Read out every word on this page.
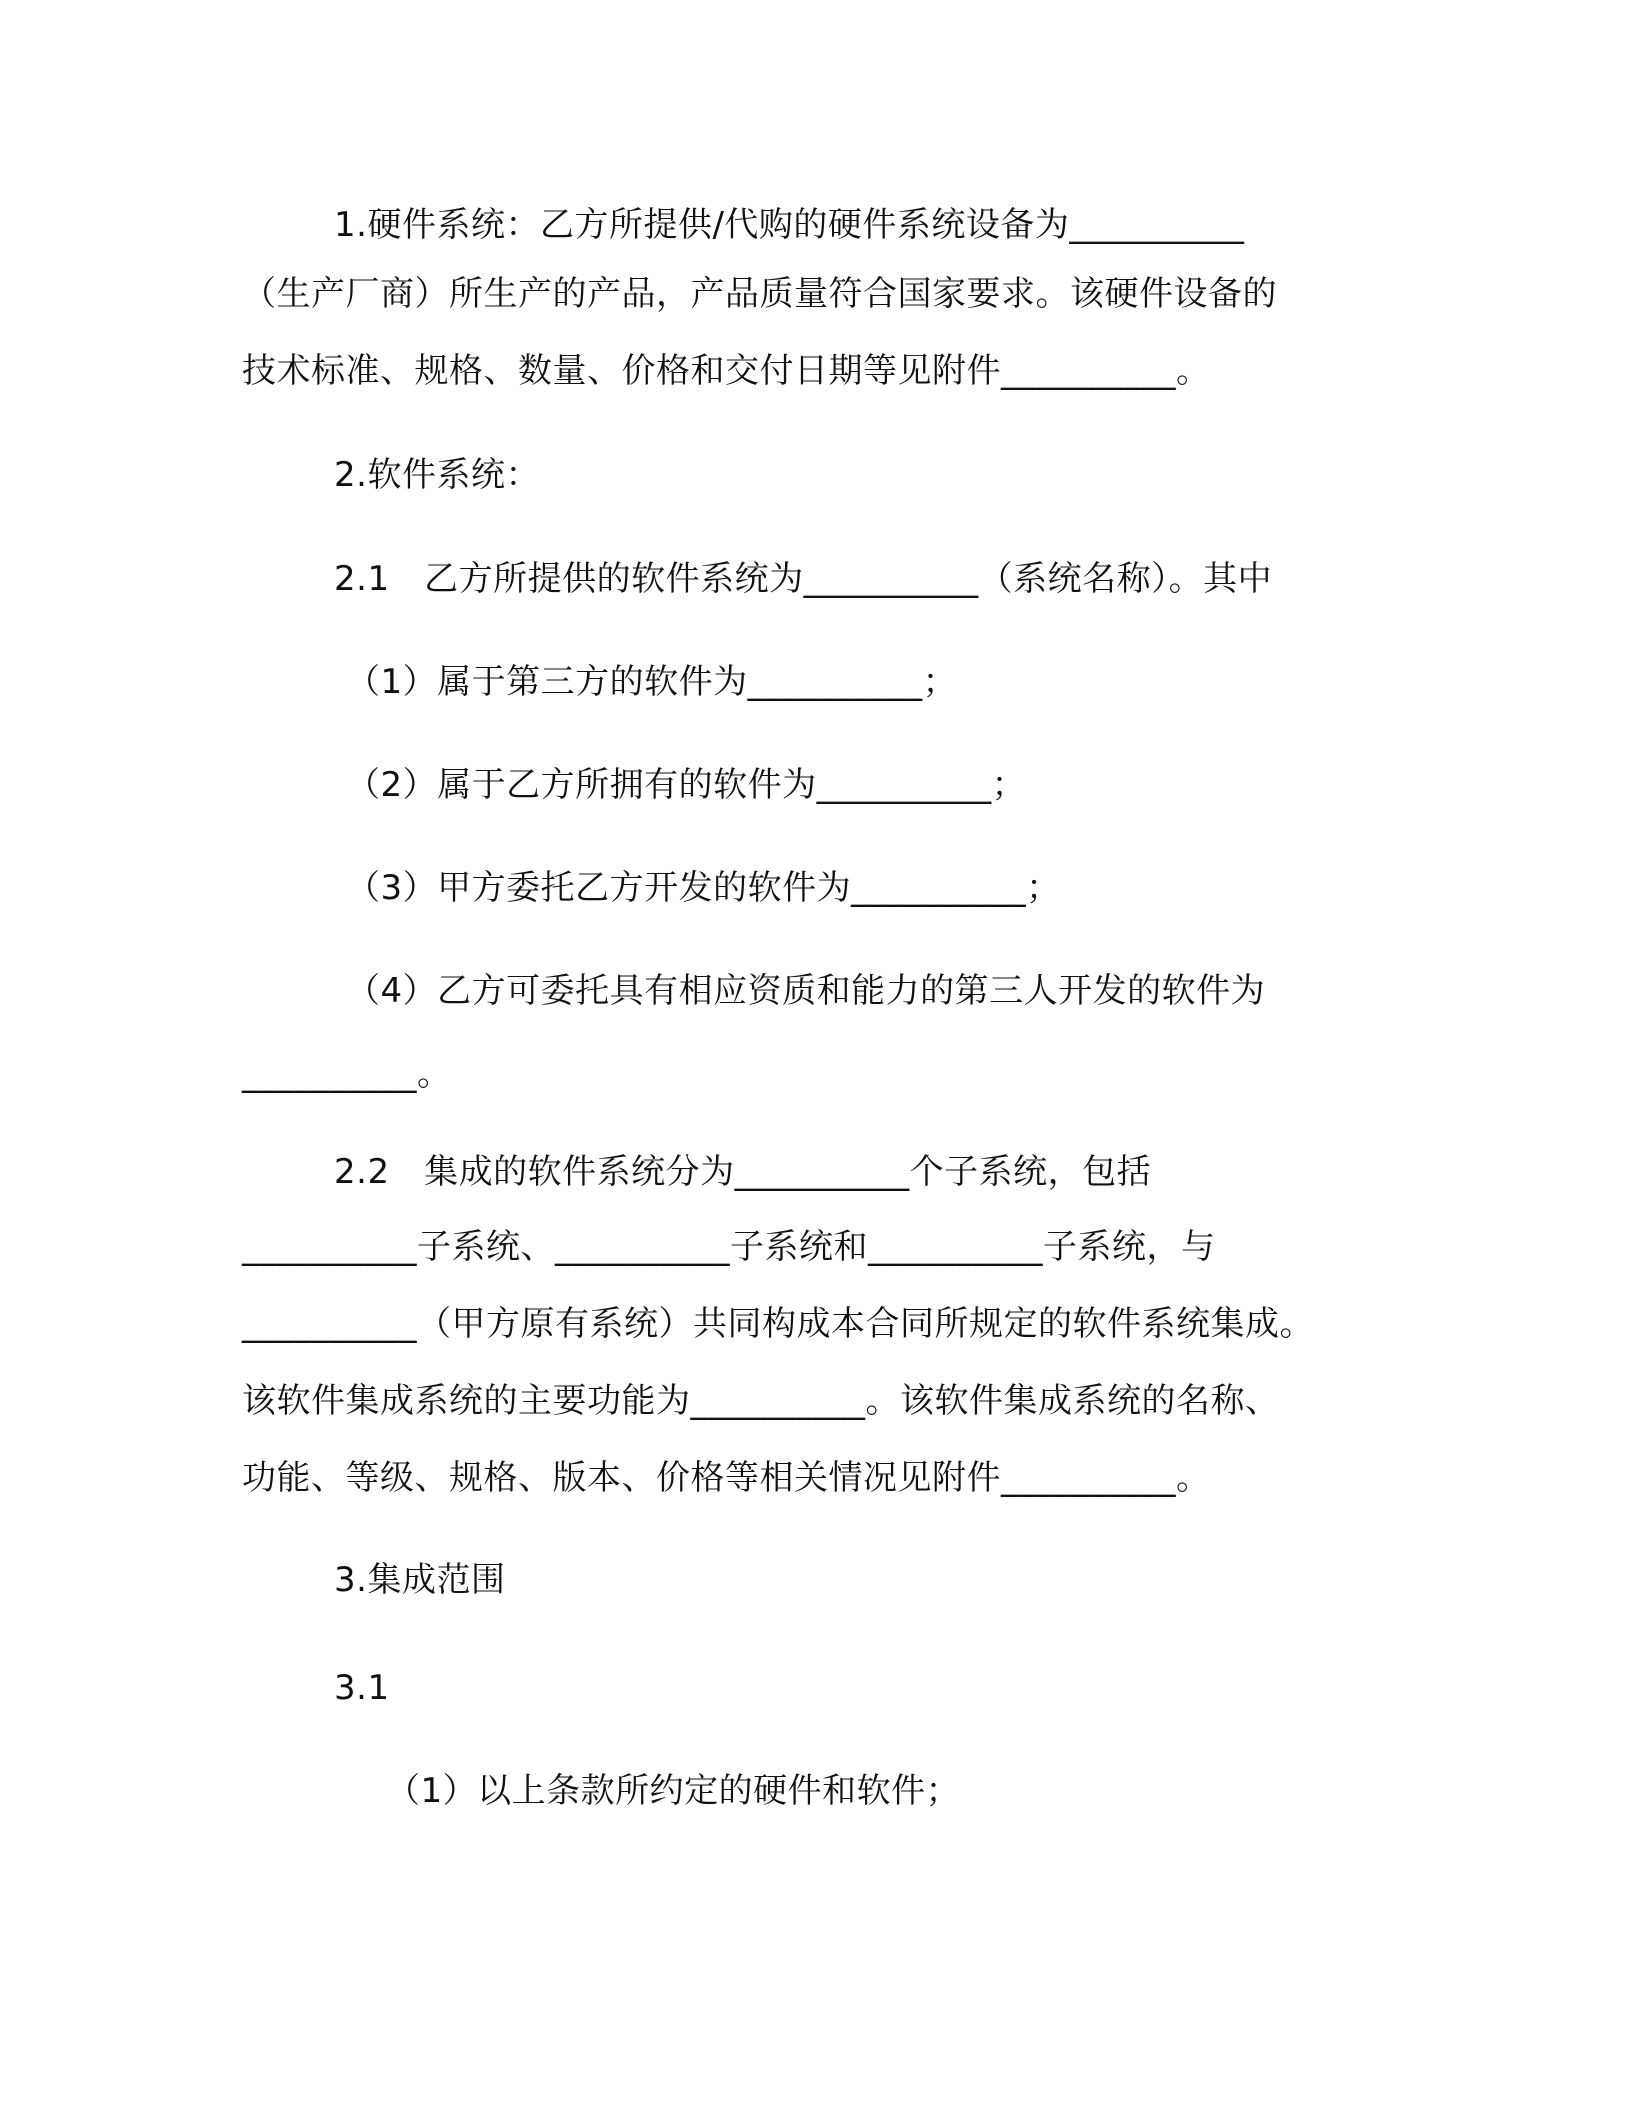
1.硬件系统：乙方所提供/代购的硬件系统设备为__________
（生产厂商）所生产的产品，产品质量符合国家要求。该硬件设备的
技术标准、规格、数量、价格和交付日期等见附件__________。
2.软件系统：
2.1　乙方所提供的软件系统为__________（系统名称）。其中
（1）属于第三方的软件为__________；
（2）属于乙方所拥有的软件为__________；
（3）甲方委托乙方开发的软件为__________；
（4）乙方可委托具有相应资质和能力的第三人开发的软件为
__________。
2.2　集成的软件系统分为__________个子系统，包括
__________子系统、__________子系统和__________子系统，与
__________（甲方原有系统）共同构成本合同所规定的软件系统集成。
该软件集成系统的主要功能为__________。该软件集成系统的名称、
功能、等级、规格、版本、价格等相关情况见附件__________。
3.集成范围
3.1
（1）以上条款所约定的硬件和软件；
